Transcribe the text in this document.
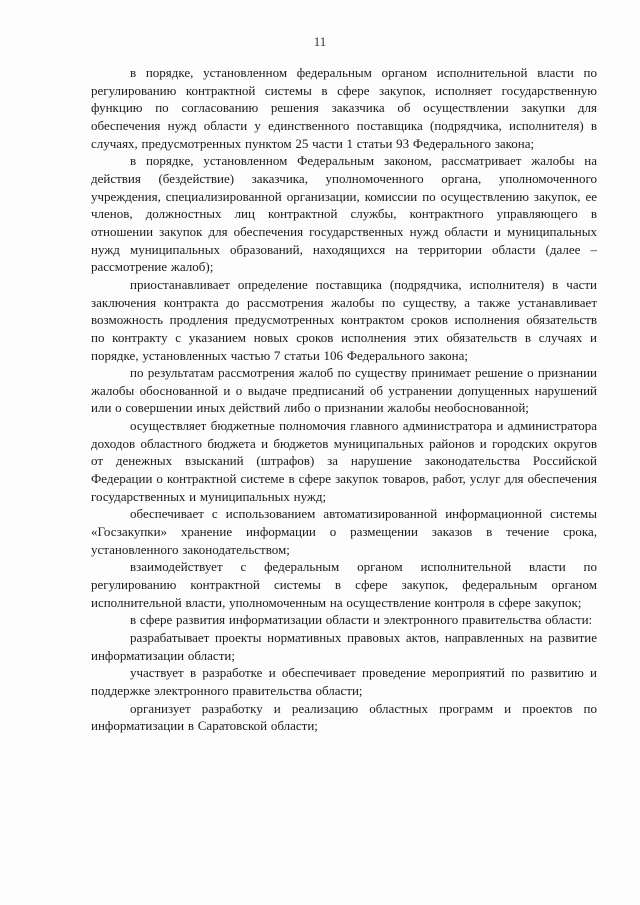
11

в порядке, установленном федеральным органом исполнительной власти по регулированию контрактной системы в сфере закупок, исполняет государственную функцию по согласованию решения заказчика об осуществлении закупки для обеспечения нужд области у единственного поставщика (подрядчика, исполнителя) в случаях, предусмотренных пунктом 25 части 1 статьи 93 Федерального закона;

в порядке, установленном Федеральным законом, рассматривает жалобы на действия (бездействие) заказчика, уполномоченного органа, уполномоченного учреждения, специализированной организации, комиссии по осуществлению закупок, ее членов, должностных лиц контрактной службы, контрактного управляющего в отношении закупок для обеспечения государственных нужд области и муниципальных нужд муниципальных образований, находящихся на территории области (далее – рассмотрение жалоб);

приостанавливает определение поставщика (подрядчика, исполнителя) в части заключения контракта до рассмотрения жалобы по существу, а также устанавливает возможность продления предусмотренных контрактом сроков исполнения обязательств по контракту с указанием новых сроков исполнения этих обязательств в случаях и порядке, установленных частью 7 статьи 106 Федерального закона;

по результатам рассмотрения жалоб по существу принимает решение о признании жалобы обоснованной и о выдаче предписаний об устранении допущенных нарушений или о совершении иных действий либо о признании жалобы необоснованной;

осуществляет бюджетные полномочия главного администратора и администратора доходов областного бюджета и бюджетов муниципальных районов и городских округов от денежных взысканий (штрафов) за нарушение законодательства Российской Федерации о контрактной системе в сфере закупок товаров, работ, услуг для обеспечения государственных и муниципальных нужд;

обеспечивает с использованием автоматизированной информационной системы «Госзакупки» хранение информации о размещении заказов в течение срока, установленного законодательством;

взаимодействует с федеральным органом исполнительной власти по регулированию контрактной системы в сфере закупок, федеральным органом исполнительной власти, уполномоченным на осуществление контроля в сфере закупок;

в сфере развития информатизации области и электронного правительства области:

разрабатывает проекты нормативных правовых актов, направленных на развитие информатизации области;

участвует в разработке и обеспечивает проведение мероприятий по развитию и поддержке электронного правительства области;

организует разработку и реализацию областных программ и проектов по информатизации в Саратовской области;
